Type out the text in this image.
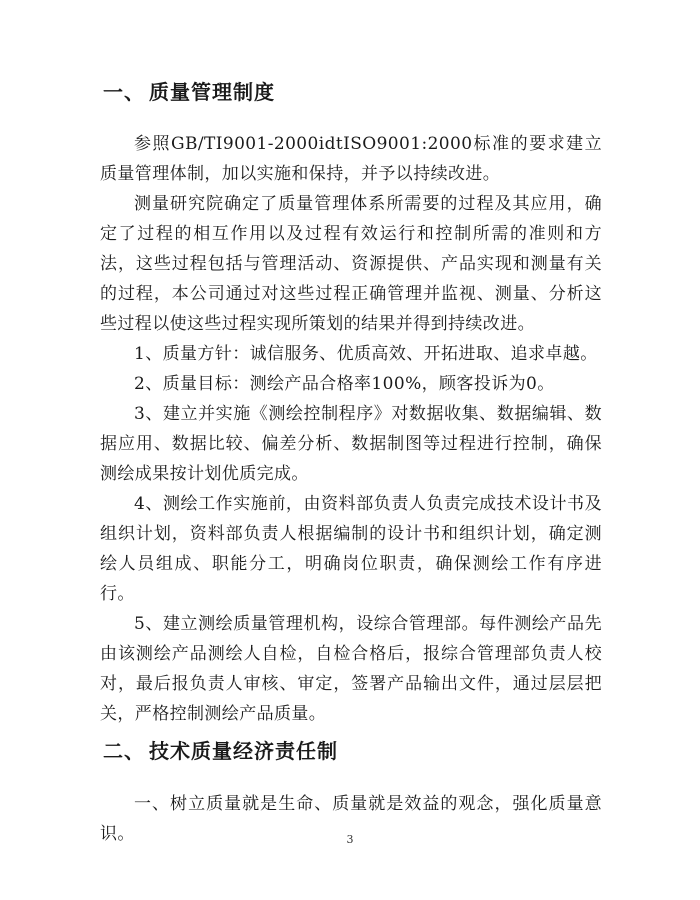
一、 质量管理制度

参照GB/TI9001-2000idtISO9001:2000标准的要求建立质量管理体制，加以实施和保持，并予以持续改进。

测量研究院确定了质量管理体系所需要的过程及其应用，确定了过程的相互作用以及过程有效运行和控制所需的准则和方法，这些过程包括与管理活动、资源提供、产品实现和测量有关的过程，本公司通过对这些过程正确管理并监视、测量、分析这些过程以使这些过程实现所策划的结果并得到持续改进。

1、质量方针：诚信服务、优质高效、开拓进取、追求卓越。

2、质量目标：测绘产品合格率100%，顾客投诉为0。

3、建立并实施《测绘控制程序》对数据收集、数据编辑、数据应用、数据比较、偏差分析、数据制图等过程进行控制，确保测绘成果按计划优质完成。

4、测绘工作实施前，由资料部负责人负责完成技术设计书及组织计划，资料部负责人根据编制的设计书和组织计划，确定测绘人员组成、职能分工，明确岗位职责，确保测绘工作有序进行。

5、建立测绘质量管理机构，设综合管理部。每件测绘产品先由该测绘产品测绘人自检，自检合格后，报综合管理部负责人校对，最后报负责人审核、审定，签署产品输出文件，通过层层把关，严格控制测绘产品质量。

二、 技术质量经济责任制

一、树立质量就是生命、质量就是效益的观念，强化质量意识。	3
